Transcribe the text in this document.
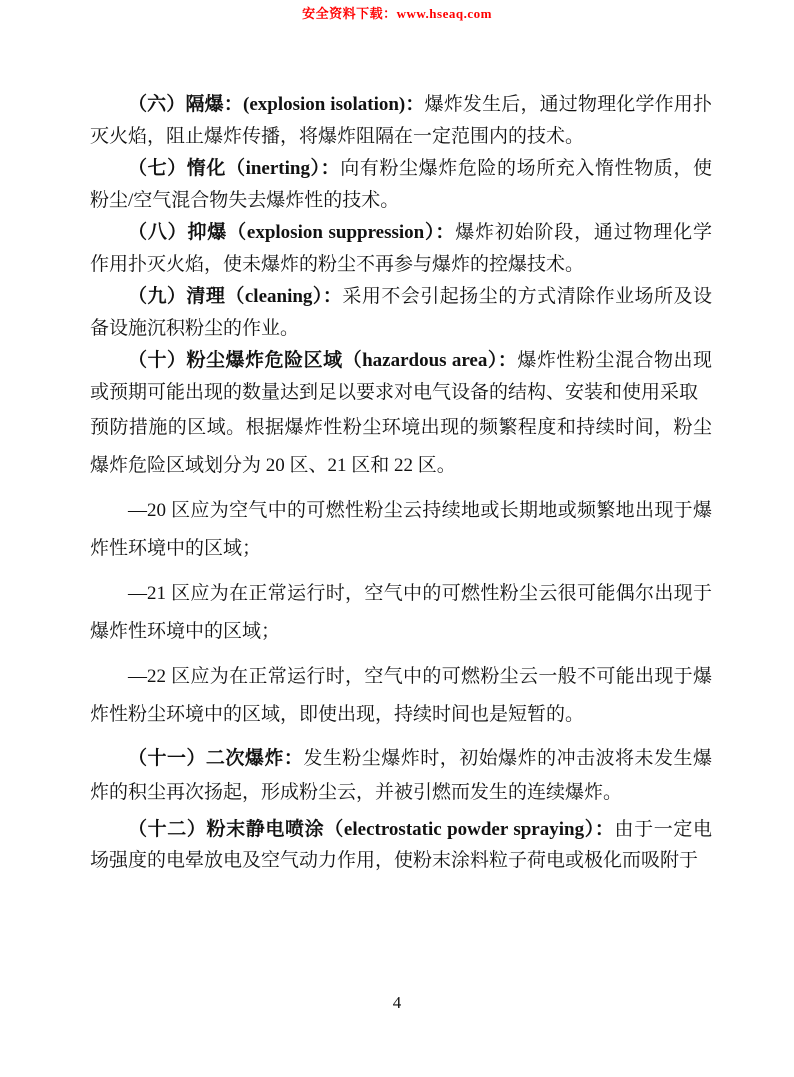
安全资料下载：www.hseaq.com

（六）隔爆：(explosion isolation)：爆炸发生后，通过物理化学作用扑灭火焰，阻止爆炸传播，将爆炸阻隔在一定范围内的技术。

（七）惰化（inerting）：向有粉尘爆炸危险的场所充入惰性物质，使粉尘/空气混合物失去爆炸性的技术。

（八）抑爆（explosion suppression）：爆炸初始阶段，通过物理化学作用扑灭火焰，使未爆炸的粉尘不再参与爆炸的控爆技术。

（九）清理（cleaning）：采用不会引起扬尘的方式清除作业场所及设备设施沉积粉尘的作业。

（十）粉尘爆炸危险区域（hazardous area）：爆炸性粉尘混合物出现或预期可能出现的数量达到足以要求对电气设备的结构、安装和使用采取

预防措施的区域。根据爆炸性粉尘环境出现的频繁程度和持续时间，粉尘爆炸危险区域划分为 20 区、21 区和 22 区。

—20 区应为空气中的可燃性粉尘云持续地或长期地或频繁地出现于爆炸性环境中的区域；

—21 区应为在正常运行时，空气中的可燃性粉尘云很可能偶尔出现于爆炸性环境中的区域；

—22 区应为在正常运行时，空气中的可燃粉尘云一般不可能出现于爆炸性粉尘环境中的区域，即使出现，持续时间也是短暂的。

（十一）二次爆炸：发生粉尘爆炸时，初始爆炸的冲击波将未发生爆炸的积尘再次扬起，形成粉尘云，并被引燃而发生的连续爆炸。

（十二）粉末静电喷涂（electrostatic powder spraying）：由于一定电场强度的电晕放电及空气动力作用，使粉末涂料粒子荷电或极化而吸附于

4
